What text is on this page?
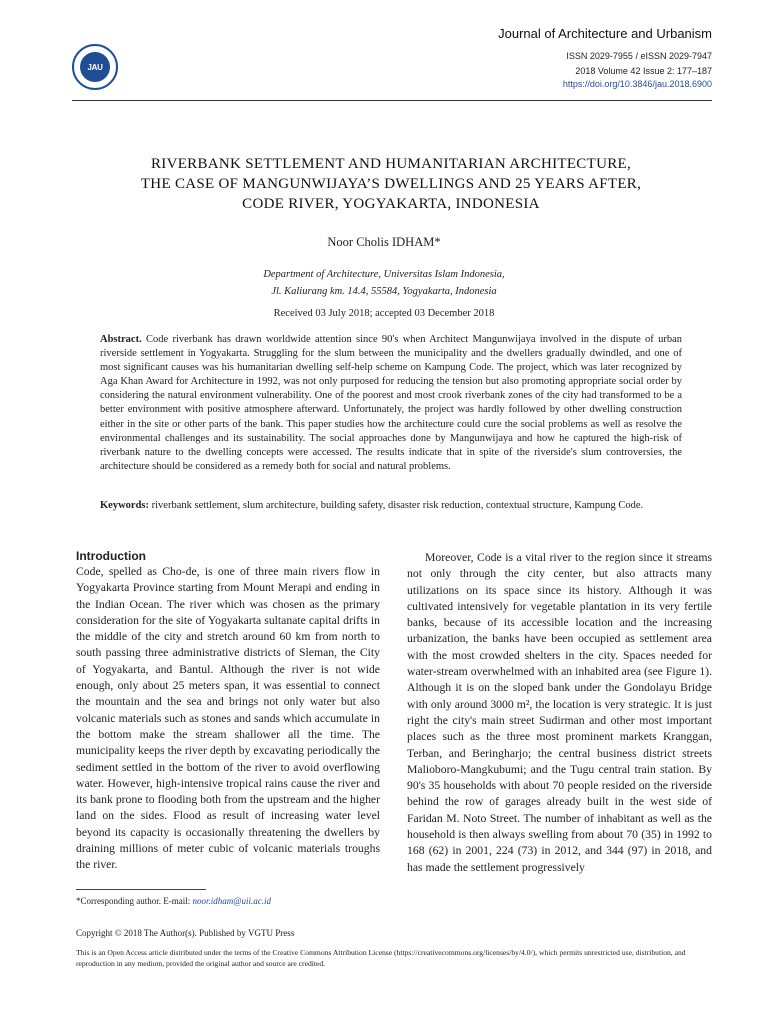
JAU
Journal of Architecture and Urbanism
ISSN 2029-7955 / eISSN 2029-7947
2018 Volume 42 Issue 2: 177–187
https://doi.org/10.3846/jau.2018.6900
RIVERBANK SETTLEMENT AND HUMANITARIAN ARCHITECTURE,
THE CASE OF MANGUNWIJAYA’S DWELLINGS AND 25 YEARS AFTER,
CODE RIVER, YOGYAKARTA, INDONESIA
Noor Cholis IDHAM*
Department of Architecture, Universitas Islam Indonesia,
Jl. Kaliurang km. 14.4, 55584, Yogyakarta, Indonesia
Received 03 July 2018; accepted 03 December 2018
Abstract. Code riverbank has drawn worldwide attention since 90's when Architect Mangunwijaya involved in the dispute of urban riverside settlement in Yogyakarta. Struggling for the slum between the municipality and the dwellers gradually dwindled, and one of most significant causes was his humanitarian dwelling self-help scheme on Kampung Code. The project, which was later recognized by Aga Khan Award for Architecture in 1992, was not only purposed for reducing the tension but also promoting appropriate social order by considering the natural environment vulnerability. One of the poorest and most crook riverbank zones of the city had transformed to be a better environment with positive atmosphere afterward. Unfortunately, the project was hardly followed by other dwelling construction either in the site or other parts of the bank. This paper studies how the architecture could cure the social problems as well as resolve the environmental challenges and its sustainability. The social approaches done by Mangunwijaya and how he captured the high-risk of riverbank nature to the dwelling concepts were accessed. The results indicate that in spite of the riverside's slum controversies, the architecture should be considered as a remedy both for social and natural problems.
Keywords: riverbank settlement, slum architecture, building safety, disaster risk reduction, contextual structure, Kampung Code.
Introduction

Code, spelled as Cho-de, is one of three main rivers flow in Yogyakarta Province starting from Mount Merapi and ending in the Indian Ocean. The river which was chosen as the primary consideration for the site of Yogyakarta sultanate capital drifts in the middle of the city and stretch around 60 km from north to south passing three administrative districts of Sleman, the City of Yogyakarta, and Bantul. Although the river is not wide enough, only about 25 meters span, it was essential to connect the mountain and the sea and brings not only water but also volcanic materials such as stones and sands which accumulate in the bottom make the stream shallower all the time. The municipality keeps the river depth by excavating periodically the sediment settled in the bottom of the river to avoid overflowing water. However, high-intensive tropical rains cause the river and its bank prone to flooding both from the upstream and the higher land on the sides. Flood as result of increasing water level beyond its capacity is occasionally threatening the dwellers by draining millions of meter cubic of volcanic materials troughs the river.

Moreover, Code is a vital river to the region since it streams not only through the city center, but also attracts many utilizations on its space since its history. Although it was cultivated intensively for vegetable plantation in its very fertile banks, because of its accessible location and the increasing urbanization, the banks have been occupied as settlement area with the most crowded shelters in the city. Spaces needed for water-stream overwhelmed with an inhabited area (see Figure 1). Although it is on the sloped bank under the Gondolayu Bridge with only around 3000 m², the location is very strategic. It is just right the city's main street Sudirman and other most important places such as the three most prominent markets Kranggan, Terban, and Beringharjo; the central business district streets Malioboro-Mangkubumi; and the Tugu central train station. By 90's 35 households with about 70 people resided on the riverside behind the row of garages already built in the west side of Faridan M. Noto Street. The number of inhabitant as well as the household is then always swelling from about 70 (35) in 1992 to 168 (62) in 2001, 224 (73) in 2012, and 344 (97) in 2018, and has made the settlement progressively

*Corresponding author. E-mail: noor.idham@uii.ac.id
Copyright © 2018 The Author(s). Published by VGTU Press
This is an Open Access article distributed under the terms of the Creative Commons Attribution License (https://creativecommons.org/licenses/by/4.0/), which permits unrestricted use, distribution, and reproduction in any medium, provided the original author and source are credited.
